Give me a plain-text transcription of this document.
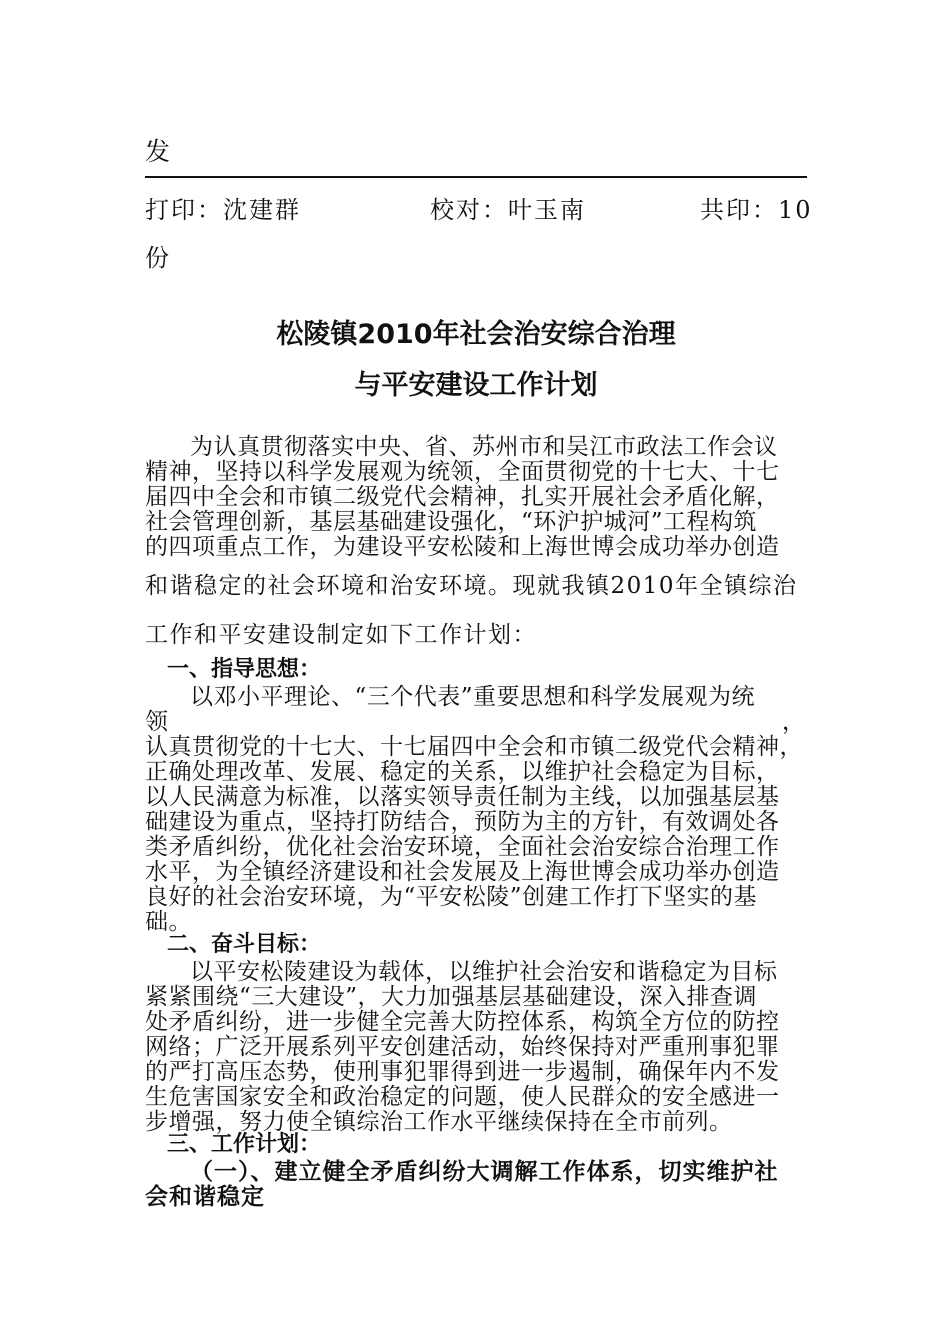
发
打印：沈建群	校对：叶玉南	共印：10
份
松陵镇2010年社会治安综合治理
与平安建设工作计划
为认真贯彻落实中央、省、苏州市和吴江市政法工作会议
精神，坚持以科学发展观为统领，全面贯彻党的十七大、十七
届四中全会和市镇二级党代会精神，扎实开展社会矛盾化解，
社会管理创新，基层基础建设强化，“环沪护城河”工程构筑
的四项重点工作，为建设平安松陵和上海世博会成功举办创造
和谐稳定的社会环境和治安环境。现就我镇2010年全镇综治
工作和平安建设制定如下工作计划：
一、指导思想：
以邓小平理论、“三个代表”重要思想和科学发展观为统
领	，
认真贯彻党的十七大、十七届四中全会和市镇二级党代会精神，
正确处理改革、发展、稳定的关系，以维护社会稳定为目标，
以人民满意为标准，以落实领导责任制为主线，以加强基层基
础建设为重点，坚持打防结合，预防为主的方针，有效调处各
类矛盾纠纷，优化社会治安环境，全面社会治安综合治理工作
水平，为全镇经济建设和社会发展及上海世博会成功举办创造
良好的社会治安环境，为“平安松陵”创建工作打下坚实的基
础。
二、奋斗目标：
以平安松陵建设为载体，以维护社会治安和谐稳定为目标
紧紧围绕“三大建设”，大力加强基层基础建设，深入排查调
处矛盾纠纷，进一步健全完善大防控体系，构筑全方位的防控
网络；广泛开展系列平安创建活动，始终保持对严重刑事犯罪
的严打高压态势，使刑事犯罪得到进一步遏制，确保年内不发
生危害国家安全和政治稳定的问题，使人民群众的安全感进一
步增强，努力使全镇综治工作水平继续保持在全市前列。
三、工作计划：
（一）、建立健全矛盾纠纷大调解工作体系，切实维护社
会和谐稳定
